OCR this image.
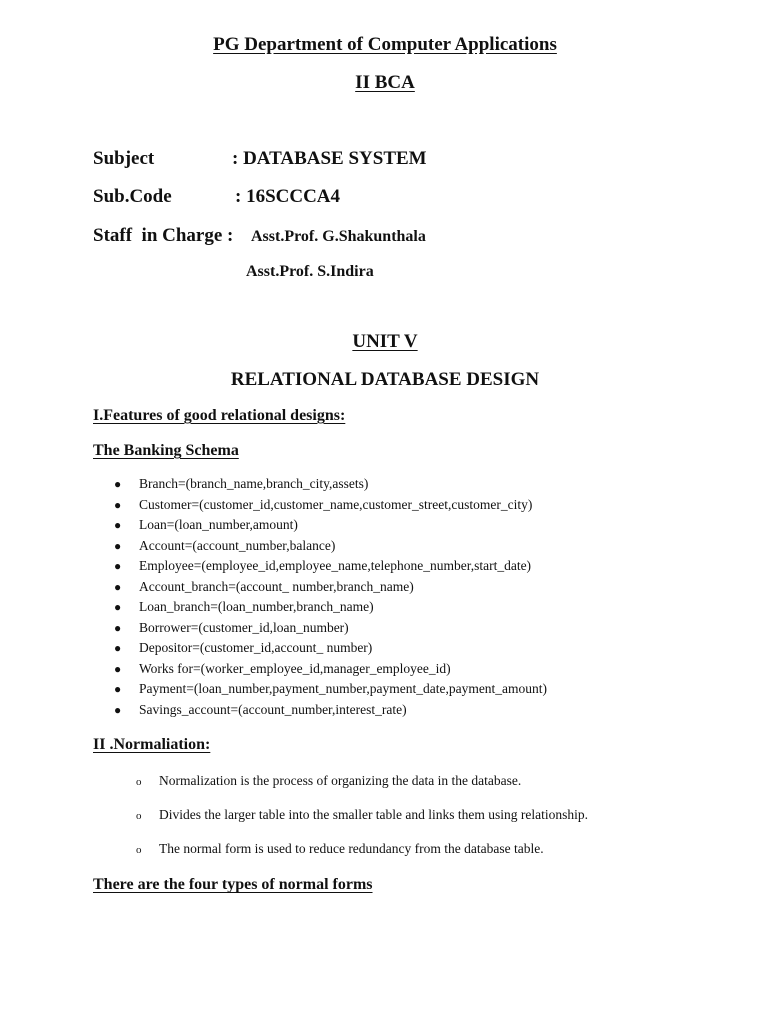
PG Department of Computer Applications
II BCA
Subject	: DATABASE SYSTEM
Sub.Code	: 16SCCCA4
Staff  in Charge : Asst.Prof. G.Shakunthala
Asst.Prof. S.Indira
UNIT V
RELATIONAL DATABASE DESIGN
I.Features of good relational designs:
The Banking Schema
● Branch=(branch_name,branch_city,assets)
● Customer=(customer_id,customer_name,customer_street,customer_city)
● Loan=(loan_number,amount)
● Account=(account_number,balance)
● Employee=(employee_id,employee_name,telephone_number,start_date)
● Account_branch=(account_ number,branch_name)
● Loan_branch=(loan_number,branch_name)
● Borrower=(customer_id,loan_number)
● Depositor=(customer_id,account_ number)
● Works for=(worker_employee_id,manager_employee_id)
● Payment=(loan_number,payment_number,payment_date,payment_amount)
● Savings_account=(account_number,interest_rate)
II .Normaliation:
o Normalization is the process of organizing the data in the database.
o Divides the larger table into the smaller table and links them using relationship.
o The normal form is used to reduce redundancy from the database table.
There are the four types of normal forms
